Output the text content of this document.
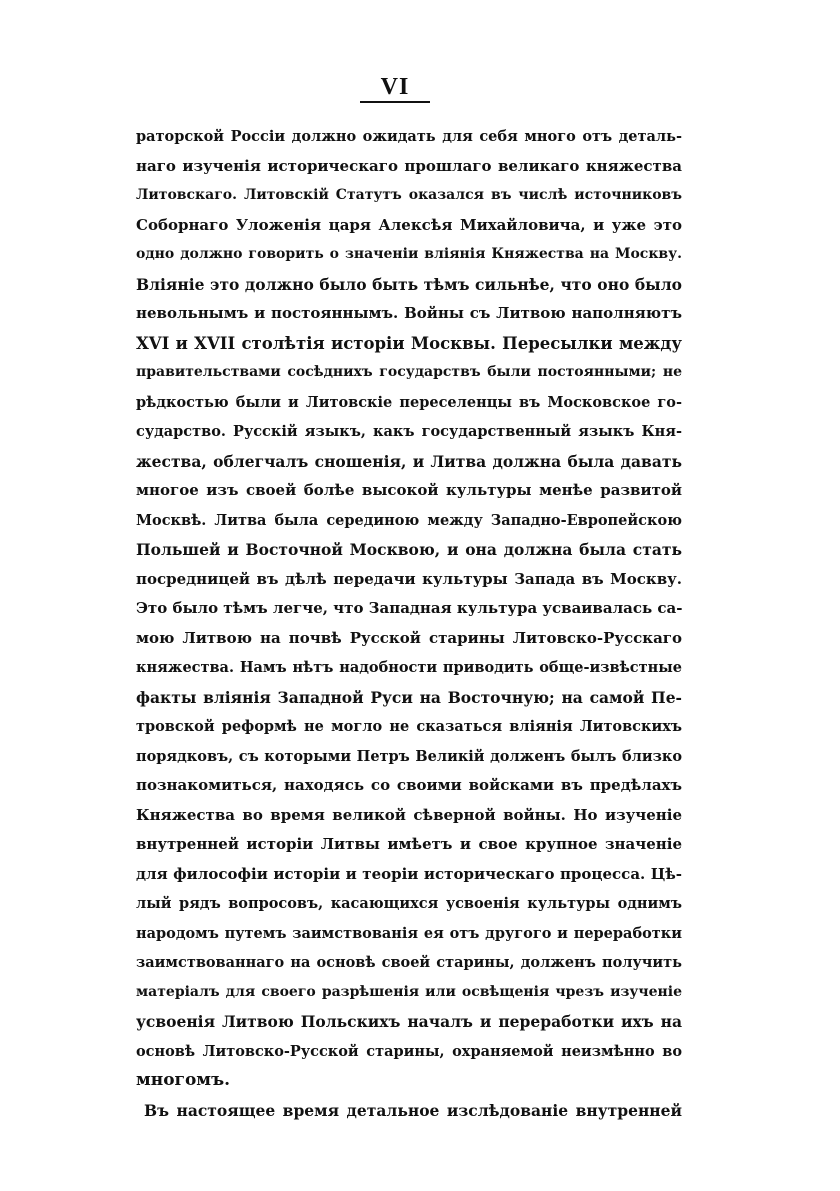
VI
раторской Россіи должно ожидать для себя много отъ деталь-
наго изученія историческаго прошлаго великаго княжества
Литовскаго. Литовскій Статутъ оказался въ числѣ источниковъ
Соборнаго Уложенія царя Алексѣя Михайловича, и уже это
одно должно говорить о значеніи вліянія Княжества на Москву.
Вліяніе это должно было быть тѣмъ сильнѣе, что оно было
невольнымъ и постояннымъ. Войны съ Литвою наполняютъ
XVI и XVII столѣтія исторіи Москвы. Пересылки между
правительствами сосѣднихъ государствъ были постоянными; не
рѣдкостью были и Литовскіе переселенцы въ Московское го-
сударство. Русскій языкъ, какъ государственный языкъ Кня-
жества, облегчалъ сношенія, и Литва должна была давать
многое изъ своей болѣе высокой культуры менѣе развитой
Москвѣ. Литва была серединою между Западно-Европейскою
Польшей и Восточной Москвою, и она должна была стать
посредницей въ дѣлѣ передачи культуры Запада въ Москву.
Это было тѣмъ легче, что Западная культура усваивалась са-
мою Литвою на почвѣ Русской старины Литовско-Русскаго
княжества. Намъ нѣтъ надобности приводить обще-извѣстные
факты вліянія Западной Руси на Восточную; на самой Пе-
тровской реформѣ не могло не сказаться вліянія Литовскихъ
порядковъ, съ которыми Петръ Великій долженъ былъ близко
познакомиться, находясь со своими войсками въ предѣлахъ
Княжества во время великой сѣверной войны. Но изученіе
внутренней исторіи Литвы имѣетъ и свое крупное значеніе
для философіи исторіи и теоріи историческаго процесса. Цѣ-
лый рядъ вопросовъ, касающихся усвоенія культуры однимъ
народомъ путемъ заимствованія ея отъ другого и переработки
заимствованнаго на основѣ своей старины, долженъ получить
матеріалъ для своего разрѣшенія или освѣщенія чрезъ изученіе
усвоенія Литвою Польскихъ началъ и переработки ихъ на
основѣ Литовско-Русской старины, охраняемой неизмѣнно во
многомъ.
Въ настоящее время детальное изслѣдованіе внутренней
